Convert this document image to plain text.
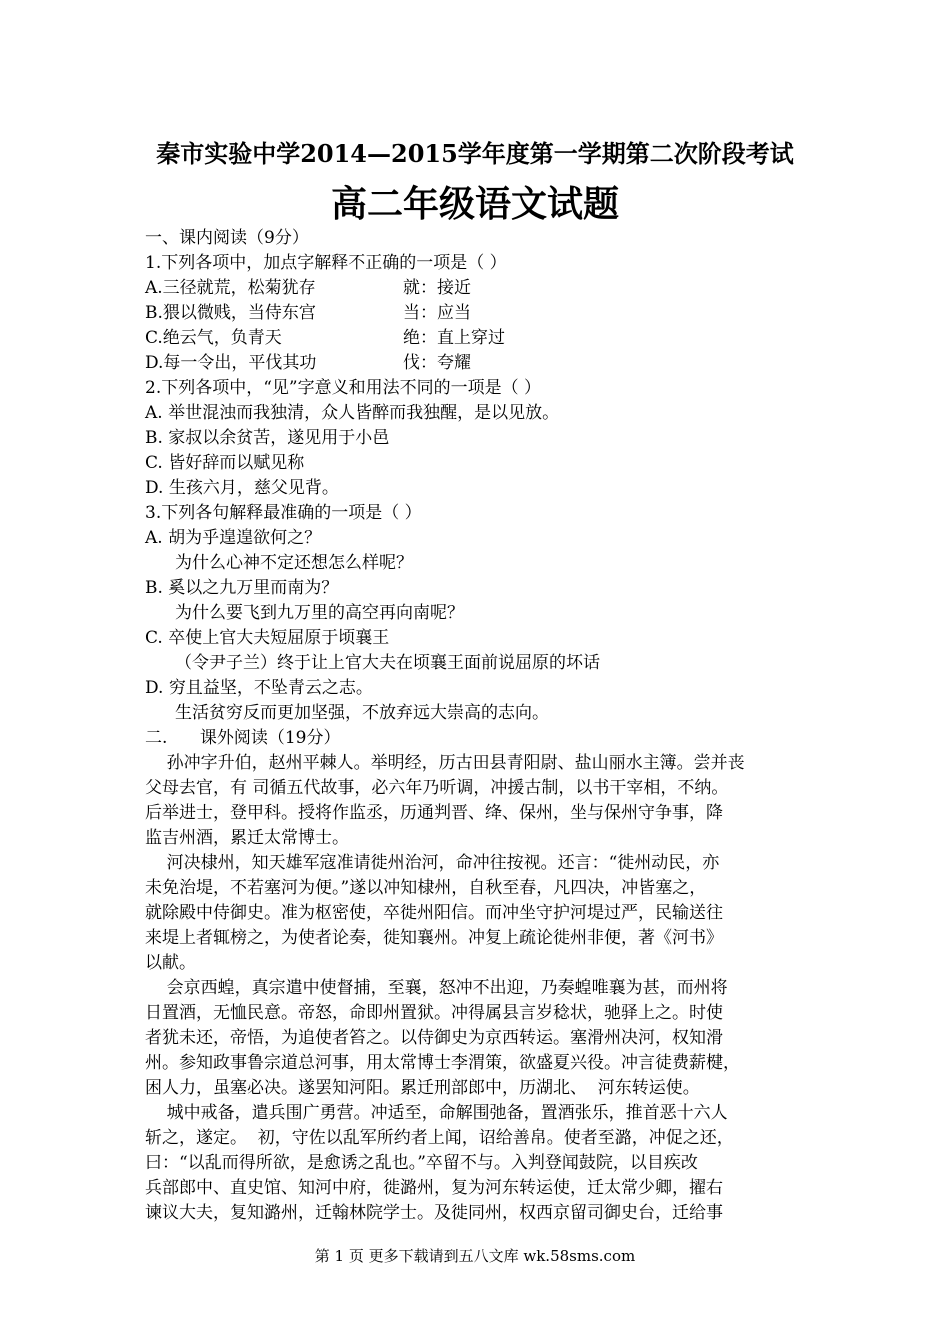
秦市实验中学2014—2015学年度第一学期第二次阶段考试
高二年级语文试题
一、课内阅读（9分）
1.下列各项中，加点字解释不正确的一项是（ ）
A.三径就荒，松菊犹存	就：接近
B.猥以微贱，当侍东宫	当：应当
C.绝云气，负青天	绝：直上穿过
D.每一令出，平伐其功	伐：夸耀
2.下列各项中，“见”字意义和用法不同的一项是（ ）
A. 举世混浊而我独清，众人皆醉而我独醒，是以见放。
B. 家叔以余贫苦，遂见用于小邑
C. 皆好辞而以赋见称
D. 生孩六月，慈父见背。
3.下列各句解释最准确的一项是（ ）
A. 胡为乎遑遑欲何之？
为什么心神不定还想怎么样呢？
B. 奚以之九万里而南为？
为什么要飞到九万里的高空再向南呢？
C. 卒使上官大夫短屈原于顷襄王
（令尹子兰）终于让上官大夫在顷襄王面前说屈原的坏话
D. 穷且益坚，不坠青云之志。
生活贫穷反而更加坚强，不放弃远大崇高的志向。
二.      课外阅读（19分）
孙冲字升伯，赵州平棘人。举明经，历古田县青阳尉、盐山丽水主簿。尝并丧
父母去官，有 司循五代故事，必六年乃听调，冲援古制，以书干宰相，不纳。
后举进士，登甲科。授将作监丞，历通判晋、绛、保州，坐与保州守争事，降
监吉州酒，累迁太常博士。
河决棣州，知天雄军寇准请徙州治河，命冲往按视。还言：“徙州动民，亦
未免治堤，不若塞河为便。”遂以冲知棣州，自秋至春，凡四决，冲皆塞之，
就除殿中侍御史。准为枢密使，卒徙州阳信。而冲坐守护河堤过严，民输送往
来堤上者辄榜之，为使者论奏，徙知襄州。冲复上疏论徙州非便，著《河书》
以献。
会京西蝗，真宗遣中使督捕，至襄，怒冲不出迎，乃奏蝗唯襄为甚，而州将
日置酒，无恤民意。帝怒，命即州置狱。冲得属县言岁稔状，驰驿上之。时使
者犹未还，帝悟，为追使者笞之。以侍御史为京西转运。塞滑州决河，权知滑
州。参知政事鲁宗道总河事，用太常博士李渭策，欲盛夏兴役。冲言徒费薪楗，
困人力，虽塞必决。遂罢知河阳。累迁刑部郎中，历湖北、  河东转运使。
城中戒备，遣兵围广勇营。冲适至，命解围弛备，置酒张乐，推首恶十六人
斩之，遂定。  初，守佐以乱军所约者上闻，诏给善帛。使者至潞，冲促之还，
曰：“以乱而得所欲，是愈诱之乱也。”卒留不与。入判登闻鼓院，以目疾改
兵部郎中、直史馆、知河中府，徙潞州，复为河东转运使，迁太常少卿，擢右
谏议大夫，复知潞州，迁翰林院学士。及徙同州，权西京留司御史台，迁给事
第 1 页 更多下载请到五八文库 wk.58sms.com
